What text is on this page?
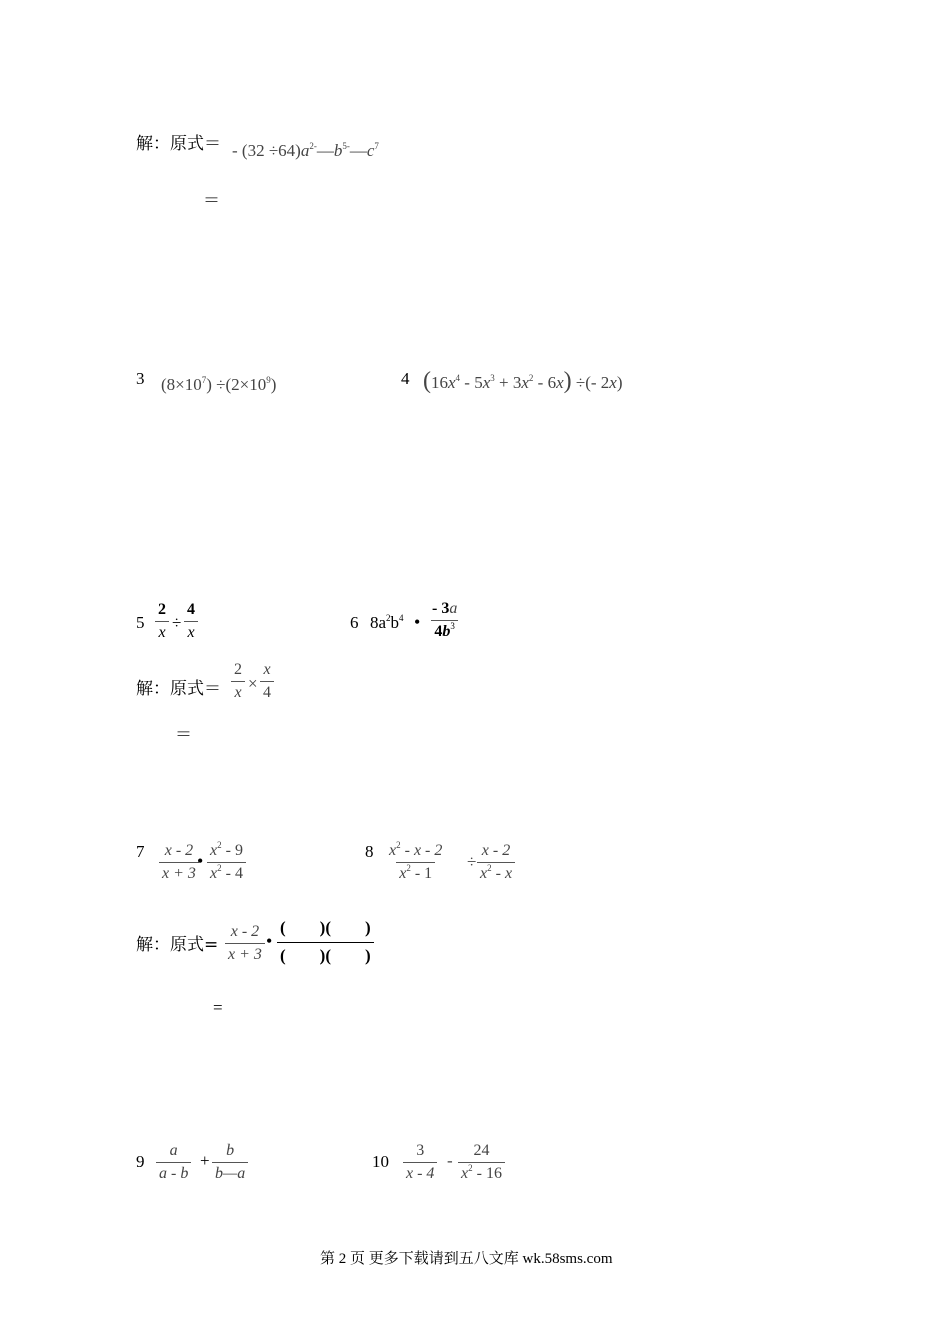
解：原式＝ - $(32 \div 64)a^{2-}—b^{5-}—c^7$
＝
3 $(8\times 10^7) \div(2\times 10^9)$	4 $(16x^4 - 5x^3 + 3x^2 - 6x)$ ÷(- 2x)
$5 \frac{2}{x} \div \frac{4}{x}$	6 $8a^2b^4$ • $\frac{- 3a}{4b^3}$
解：原式＝ $\frac{2}{x} \times \frac{x}{4}$
＝
$7 \frac{x - 2}{x + 3}$
• $\frac{x^2 - 9}{x^2 - 4}$	$8 \frac{x^2 - x - 2}{x^2 - 1} \div \frac{x - 2}{x^2 - x}$
解：原式= $\frac{x - 2}{x + 3}$ •
(        )(        )
(        )(        )
=
$9 \frac{a}{a - b} + \frac{b}{b—a}$	$10 \frac{3}{x - 4} - \frac{24}{x^2 - 16}$
第 2 页 更多下载请到五八文库 wk.58sms.com
